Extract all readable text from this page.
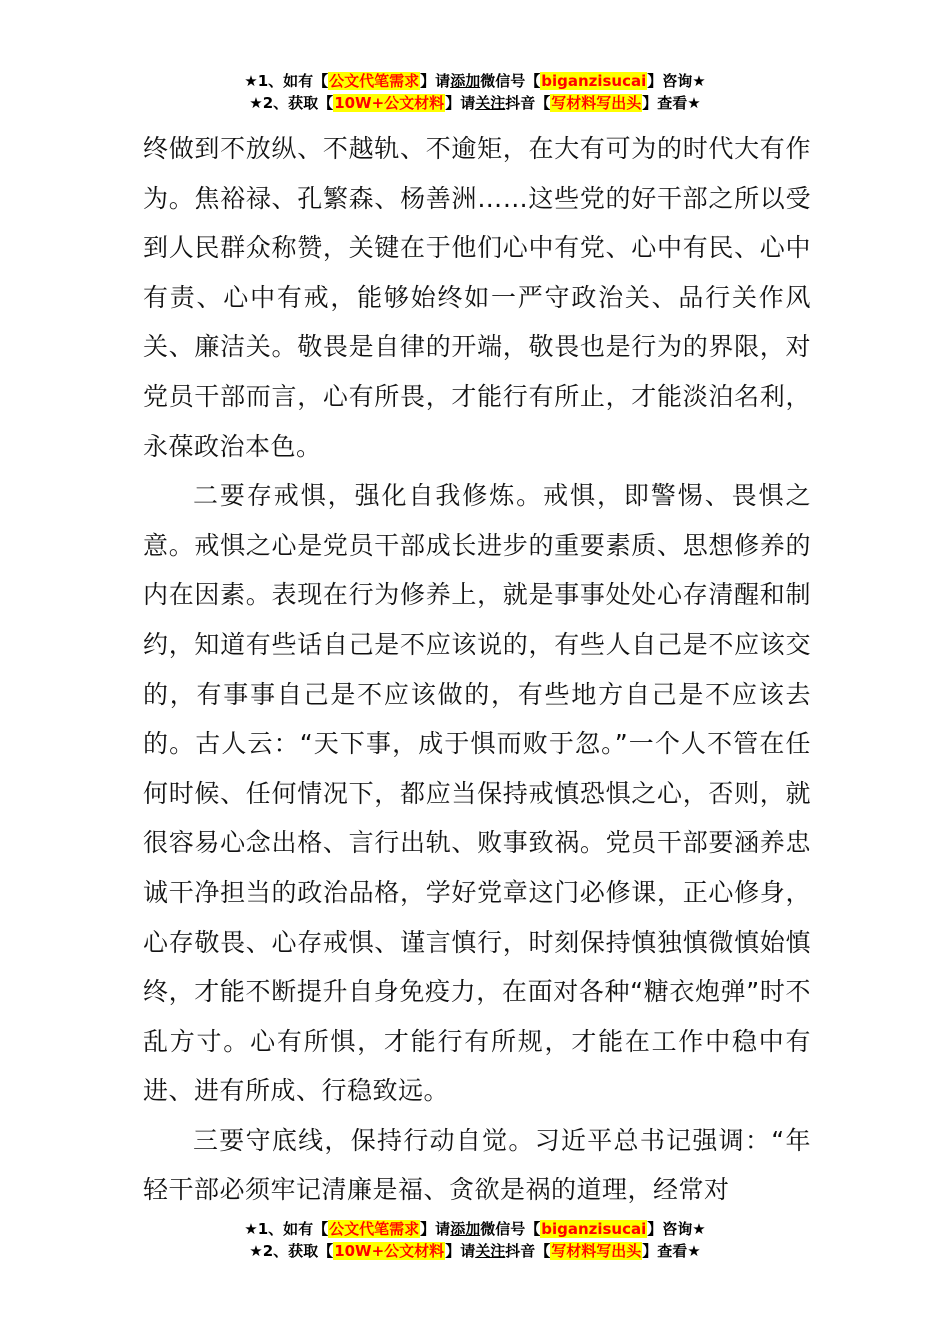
★1、如有【公文代笔需求】请添加微信号【biganzisucai】咨询★
★2、获取【10W+公文材料】请关注抖音【写材料写出头】查看★

终做到不放纵、不越轨、不逾矩，在大有可为的时代大有作为。焦裕禄、孔繁森、杨善洲……这些党的好干部之所以受到人民群众称赞，关键在于他们心中有党、心中有民、心中有责、心中有戒，能够始终如一严守政治关、品行关作风关、廉洁关。敬畏是自律的开端，敬畏也是行为的界限，对党员干部而言，心有所畏，才能行有所止，才能淡泊名利，永葆政治本色。

二要存戒惧，强化自我修炼。戒惧，即警惕、畏惧之意。戒惧之心是党员干部成长进步的重要素质、思想修养的内在因素。表现在行为修养上，就是事事处处心存清醒和制约，知道有些话自己是不应该说的，有些人自己是不应该交的，有事事自己是不应该做的，有些地方自己是不应该去的。古人云：“天下事，成于惧而败于忽。”一个人不管在任何时候、任何情况下，都应当保持戒慎恐惧之心，否则，就很容易心念出格、言行出轨、败事致祸。党员干部要涵养忠诚干净担当的政治品格，学好党章这门必修课，正心修身，心存敬畏、心存戒惧、谨言慎行，时刻保持慎独慎微慎始慎终，才能不断提升自身免疫力，在面对各种“糖衣炮弹”时不乱方寸。心有所惧，才能行有所规，才能在工作中稳中有进、进有所成、行稳致远。

三要守底线，保持行动自觉。习近平总书记强调：“年轻干部必须牢记清廉是福、贪欲是祸的道理，经常对

★1、如有【公文代笔需求】请添加微信号【biganzisucai】咨询★
★2、获取【10W+公文材料】请关注抖音【写材料写出头】查看★
